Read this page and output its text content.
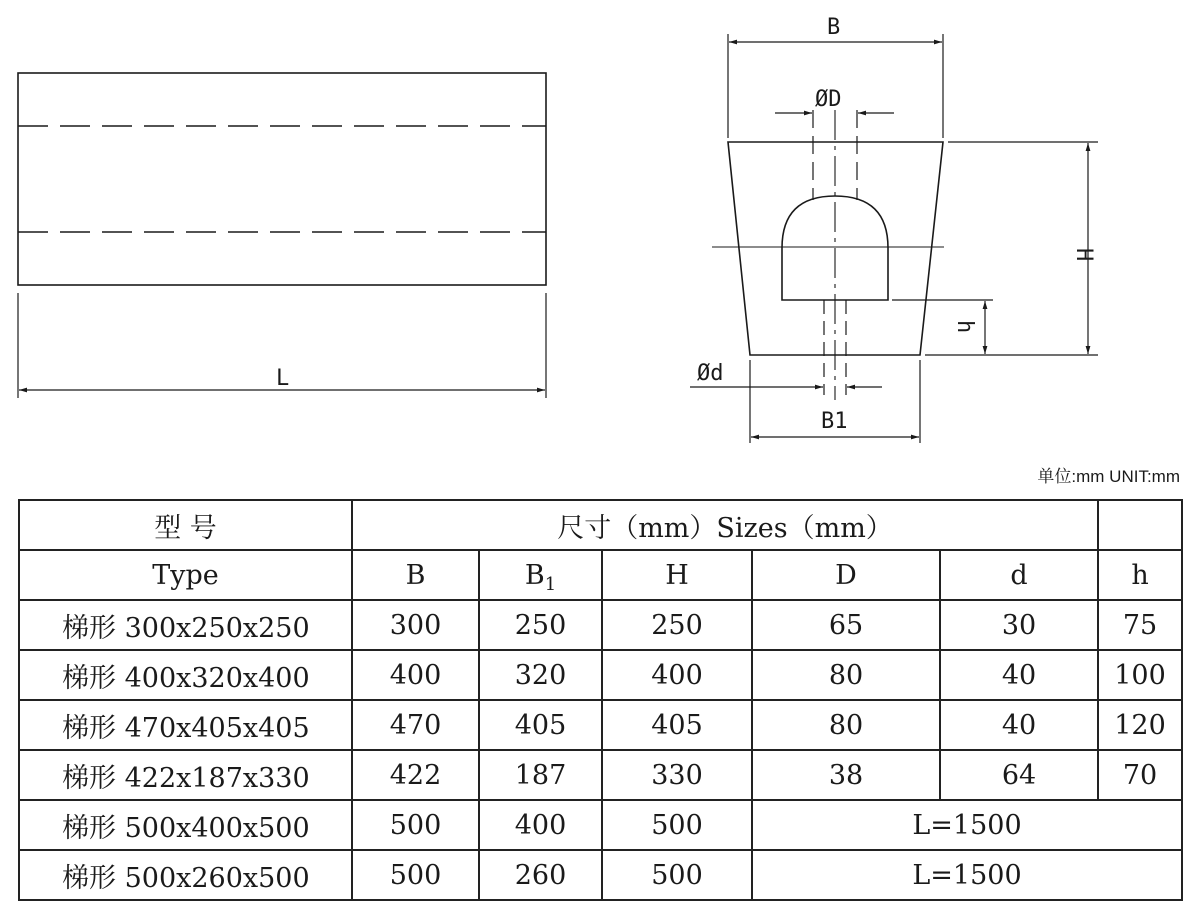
L
B
ØD
H
h
Ød
B1
单位:mm UNIT:mm
型 号	尺寸（mm）Sizes（mm）					
Type	B	$B_1$	H	D	d	h
梯形 300x250x250	300	250	250	65	30	75
梯形 400x320x400	400	320	400	80	40	100
梯形 470x405x405	470	405	405	80	40	120
梯形 422x187x330	422	187	330	38	64	70
梯形 500x400x500	500	400	500	L=1500		
梯形 500x260x500	500	260	500	L=1500		
